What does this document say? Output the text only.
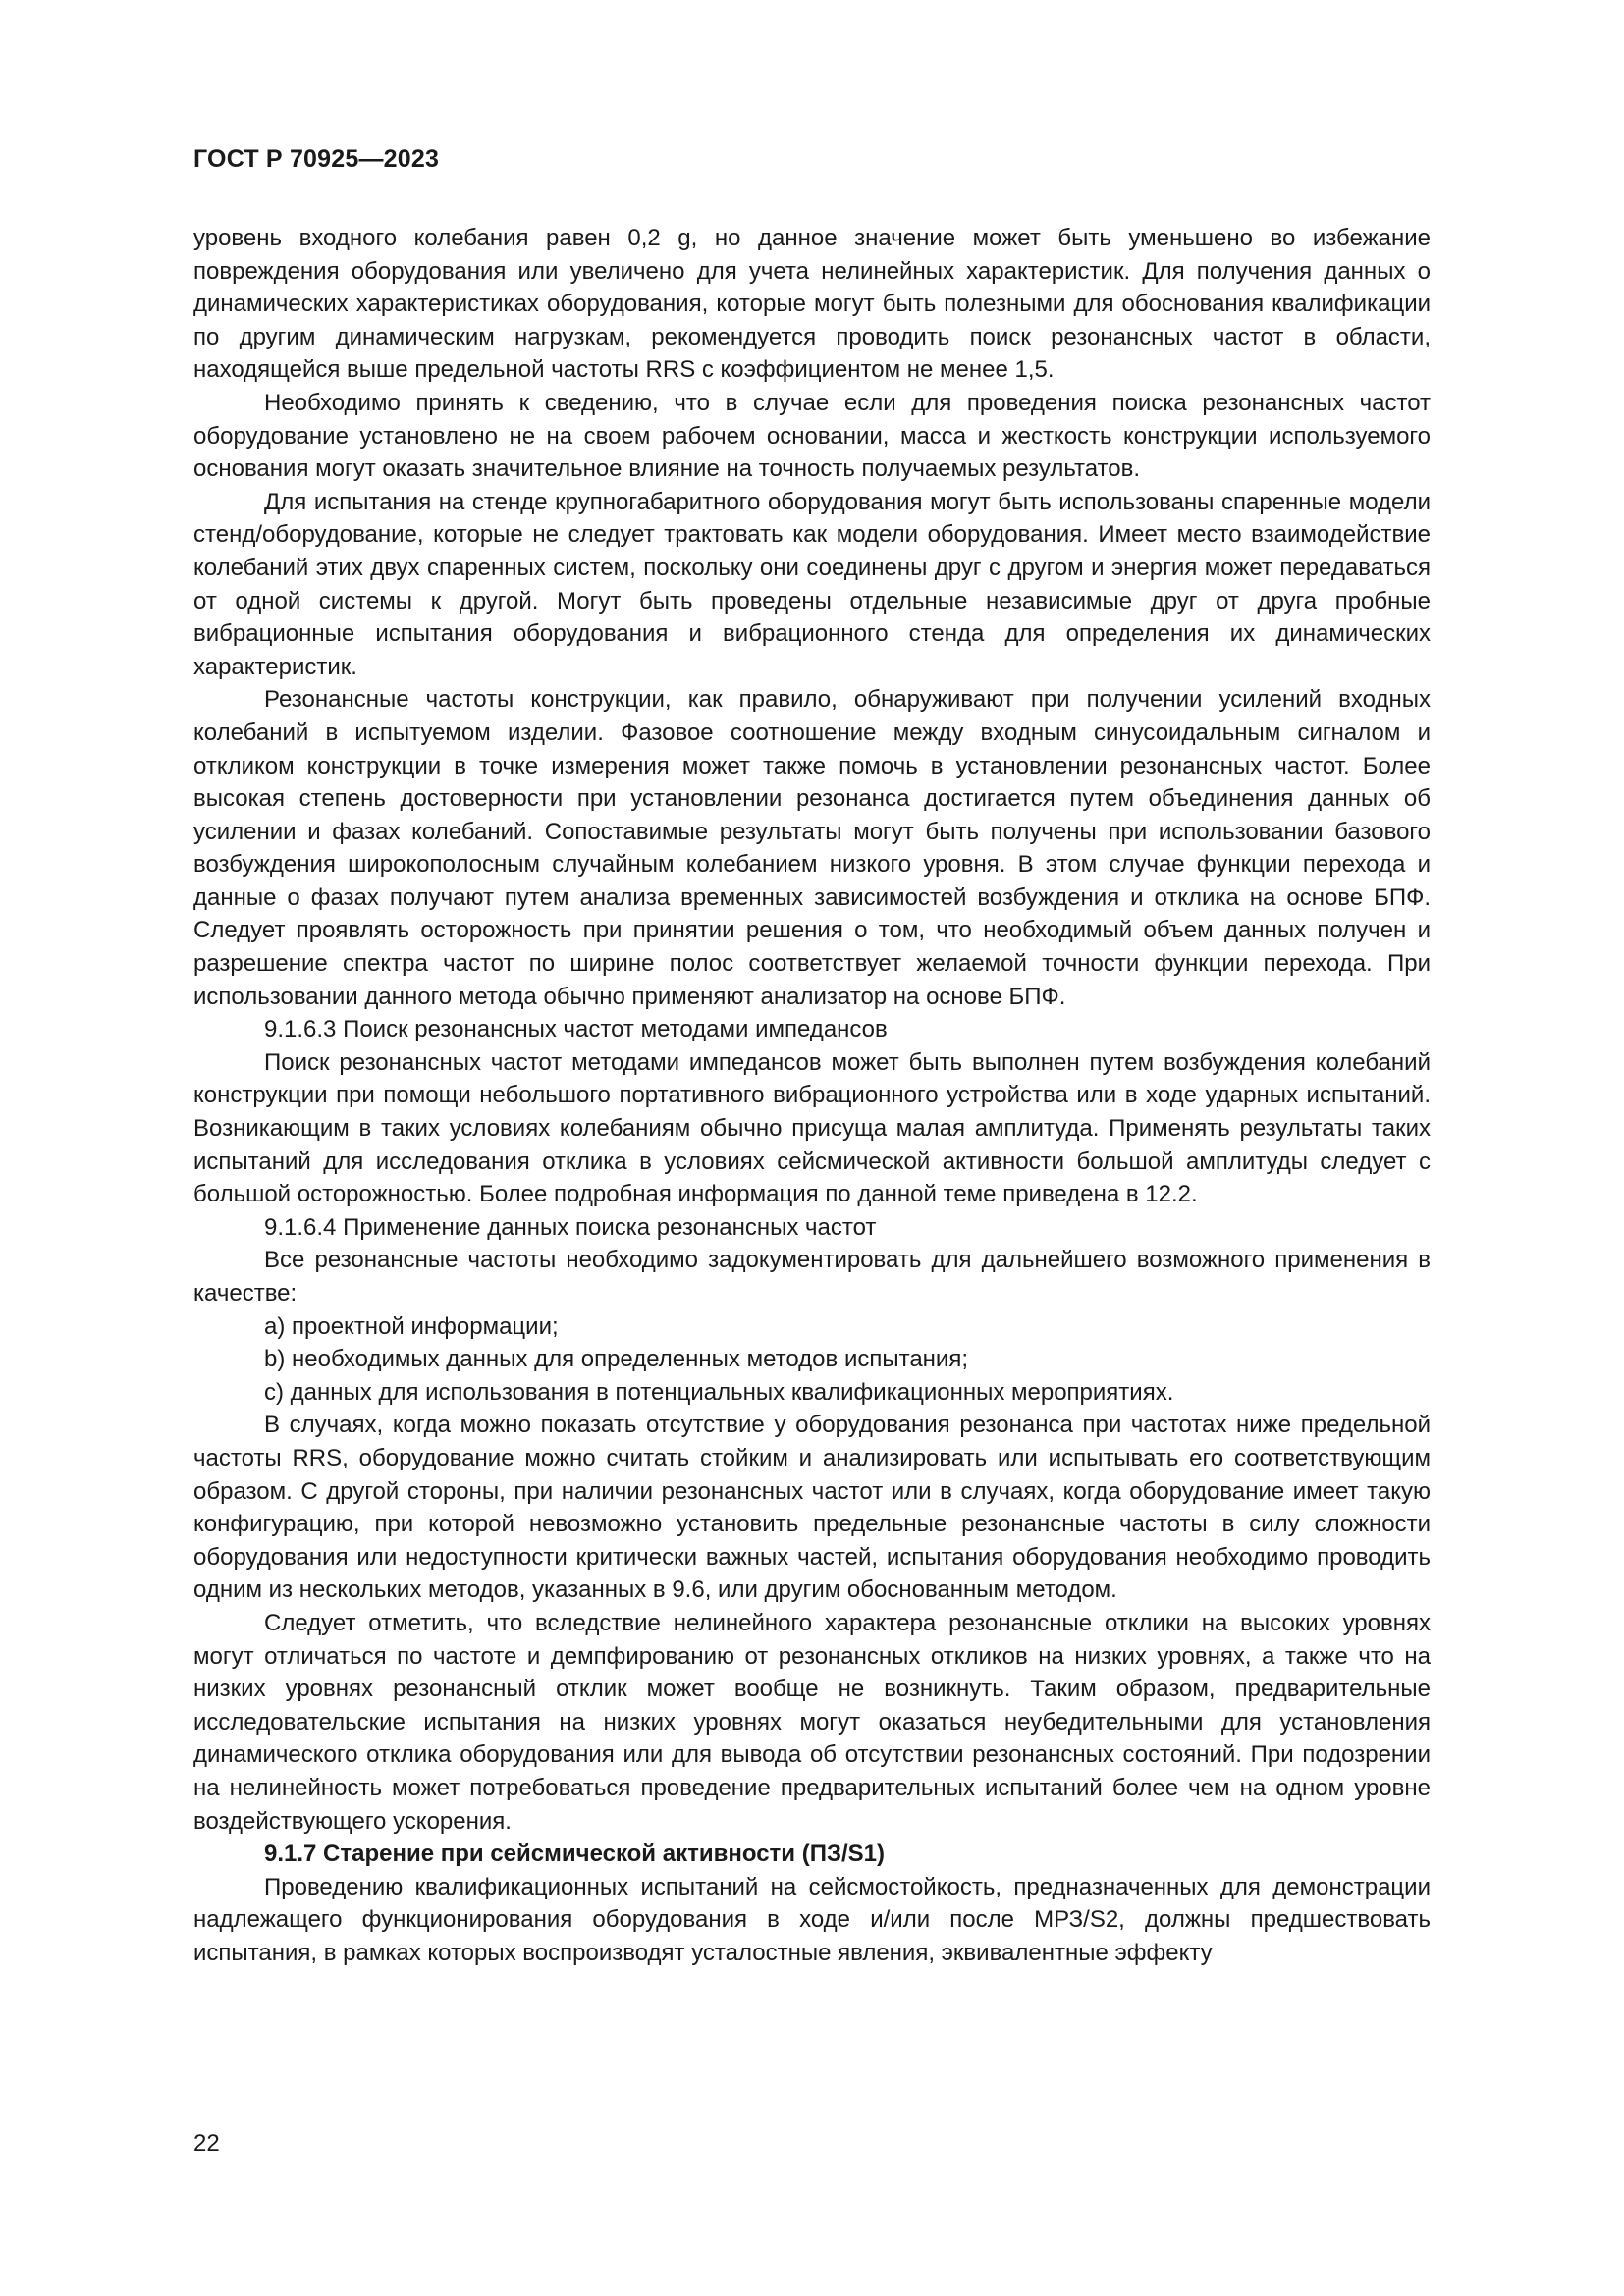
ГОСТ Р 70925—2023

уровень входного колебания равен 0,2 g, но данное значение может быть уменьшено во избежание повреждения оборудования или увеличено для учета нелинейных характеристик. Для получения данных о динамических характеристиках оборудования, которые могут быть полезными для обоснования квалификации по другим динамическим нагрузкам, рекомендуется проводить поиск резонансных частот в области, находящейся выше предельной частоты RRS с коэффициентом не менее 1,5.

Необходимо принять к сведению, что в случае если для проведения поиска резонансных частот оборудование установлено не на своем рабочем основании, масса и жесткость конструкции используемого основания могут оказать значительное влияние на точность получаемых результатов.

Для испытания на стенде крупногабаритного оборудования могут быть использованы спаренные модели стенд/оборудование, которые не следует трактовать как модели оборудования. Имеет место взаимодействие колебаний этих двух спаренных систем, поскольку они соединены друг с другом и энергия может передаваться от одной системы к другой. Могут быть проведены отдельные независимые друг от друга пробные вибрационные испытания оборудования и вибрационного стенда для определения их динамических характеристик.

Резонансные частоты конструкции, как правило, обнаруживают при получении усилений входных колебаний в испытуемом изделии. Фазовое соотношение между входным синусоидальным сигналом и откликом конструкции в точке измерения может также помочь в установлении резонансных частот. Более высокая степень достоверности при установлении резонанса достигается путем объединения данных об усилении и фазах колебаний. Сопоставимые результаты могут быть получены при использовании базового возбуждения широкополосным случайным колебанием низкого уровня. В этом случае функции перехода и данные о фазах получают путем анализа временных зависимостей возбуждения и отклика на основе БПФ. Следует проявлять осторожность при принятии решения о том, что необходимый объем данных получен и разрешение спектра частот по ширине полос соответствует желаемой точности функции перехода. При использовании данного метода обычно применяют анализатор на основе БПФ.

9.1.6.3 Поиск резонансных частот методами импедансов

Поиск резонансных частот методами импедансов может быть выполнен путем возбуждения колебаний конструкции при помощи небольшого портативного вибрационного устройства или в ходе ударных испытаний. Возникающим в таких условиях колебаниям обычно присуща малая амплитуда. Применять результаты таких испытаний для исследования отклика в условиях сейсмической активности большой амплитуды следует с большой осторожностью. Более подробная информация по данной теме приведена в 12.2.

9.1.6.4 Применение данных поиска резонансных частот

Все резонансные частоты необходимо задокументировать для дальнейшего возможного применения в качестве:

а) проектной информации;

b) необходимых данных для определенных методов испытания;

с) данных для использования в потенциальных квалификационных мероприятиях.

В случаях, когда можно показать отсутствие у оборудования резонанса при частотах ниже предельной частоты RRS, оборудование можно считать стойким и анализировать или испытывать его соответствующим образом. С другой стороны, при наличии резонансных частот или в случаях, когда оборудование имеет такую конфигурацию, при которой невозможно установить предельные резонансные частоты в силу сложности оборудования или недоступности критически важных частей, испытания оборудования необходимо проводить одним из нескольких методов, указанных в 9.6, или другим обоснованным методом.

Следует отметить, что вследствие нелинейного характера резонансные отклики на высоких уровнях могут отличаться по частоте и демпфированию от резонансных откликов на низких уровнях, а также что на низких уровнях резонансный отклик может вообще не возникнуть. Таким образом, предварительные исследовательские испытания на низких уровнях могут оказаться неубедительными для установления динамического отклика оборудования или для вывода об отсутствии резонансных состояний. При подозрении на нелинейность может потребоваться проведение предварительных испытаний более чем на одном уровне воздействующего ускорения.

9.1.7 Старение при сейсмической активности (ПЗ/S1)

Проведению квалификационных испытаний на сейсмостойкость, предназначенных для демонстрации надлежащего функционирования оборудования в ходе и/или после МРЗ/S2, должны предшествовать испытания, в рамках которых воспроизводят усталостные явления, эквивалентные эффекту

22
